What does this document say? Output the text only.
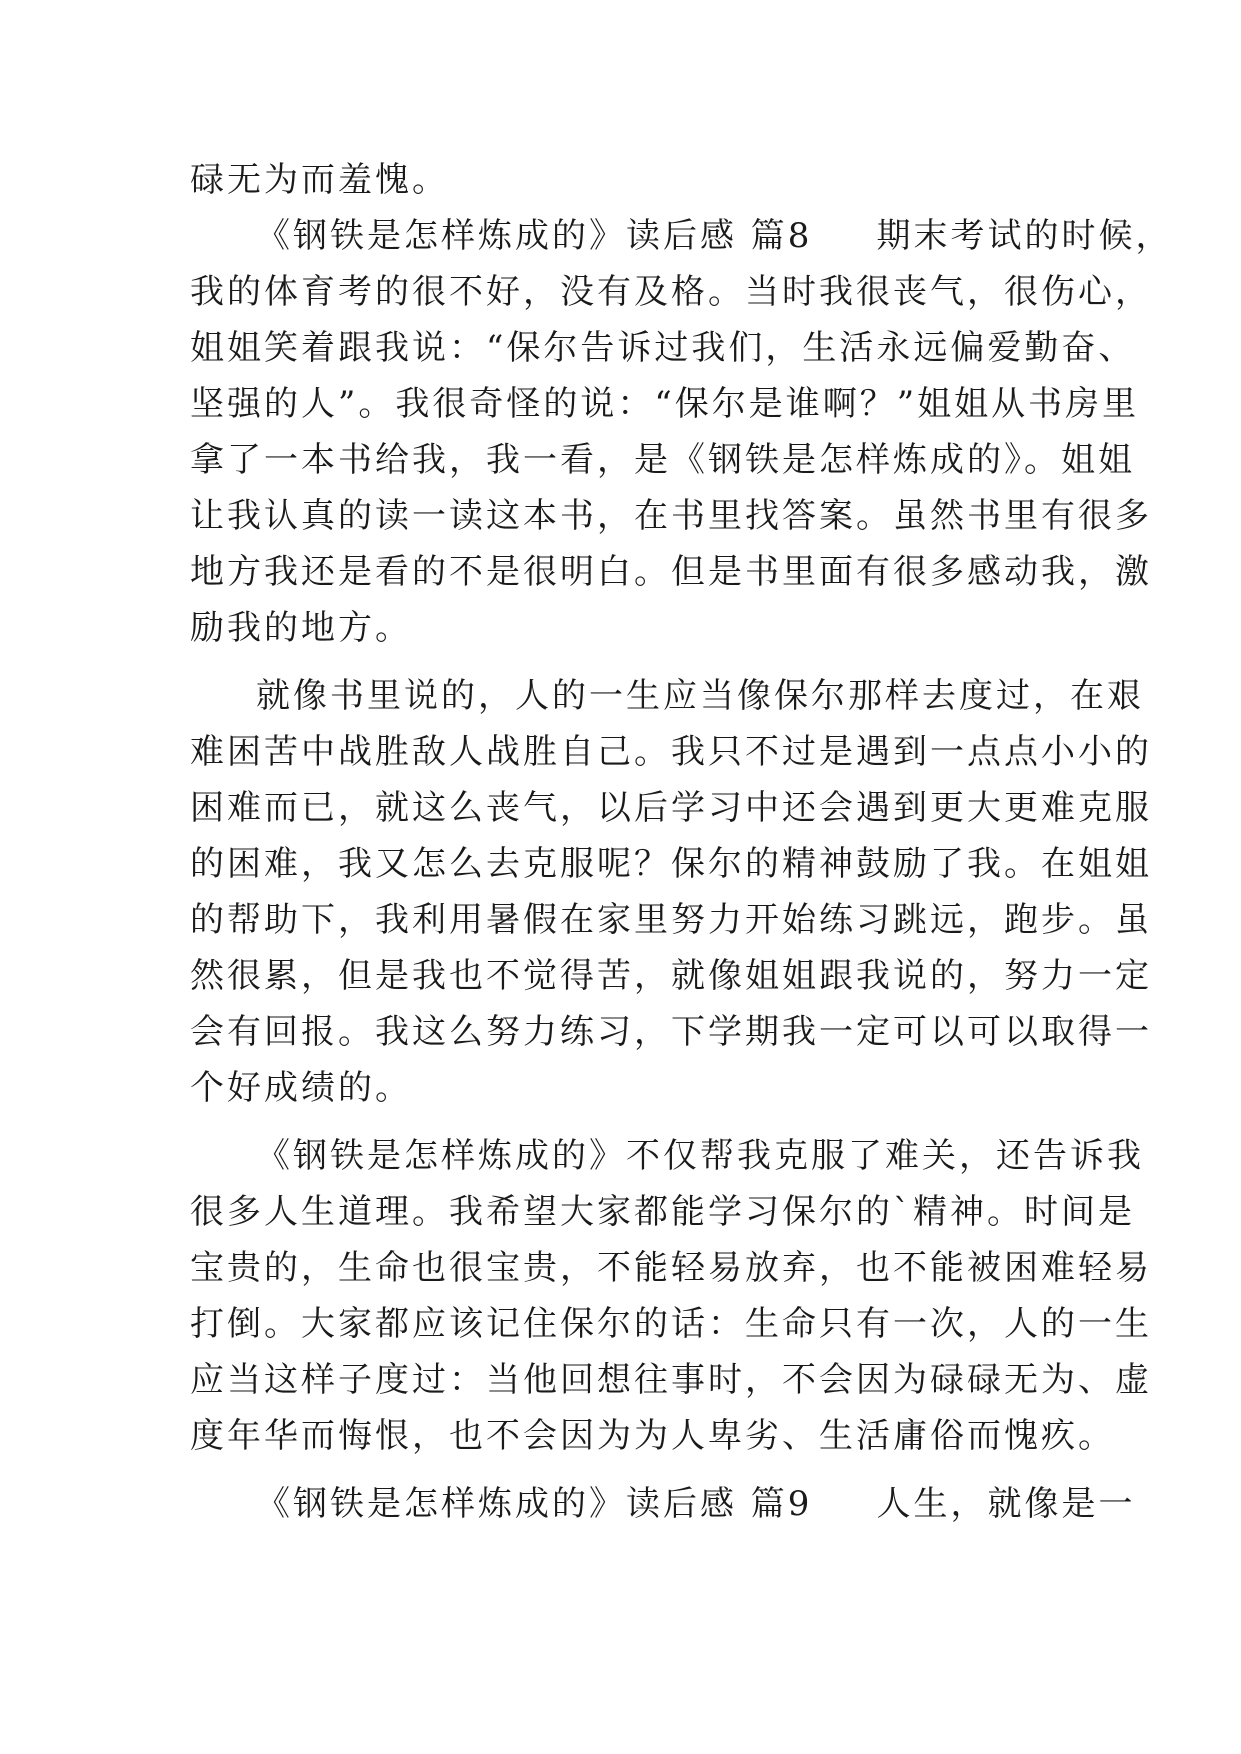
碌无为而羞愧。
《钢铁是怎样炼成的》读后感 篇8 期末考试的时候，
我的体育考的很不好，没有及格。当时我很丧气，很伤心，
姐姐笑着跟我说：“保尔告诉过我们，生活永远偏爱勤奋、
坚强的人”。我很奇怪的说：“保尔是谁啊？”姐姐从书房里
拿了一本书给我，我一看，是《钢铁是怎样炼成的》。姐姐
让我认真的读一读这本书，在书里找答案。虽然书里有很多
地方我还是看的不是很明白。但是书里面有很多感动我，激
励我的地方。
就像书里说的，人的一生应当像保尔那样去度过，在艰
难困苦中战胜敌人战胜自己。我只不过是遇到一点点小小的
困难而已，就这么丧气，以后学习中还会遇到更大更难克服
的困难，我又怎么去克服呢？保尔的精神鼓励了我。在姐姐
的帮助下，我利用暑假在家里努力开始练习跳远，跑步。虽
然很累，但是我也不觉得苦，就像姐姐跟我说的，努力一定
会有回报。我这么努力练习，下学期我一定可以可以取得一
个好成绩的。
《钢铁是怎样炼成的》不仅帮我克服了难关，还告诉我
很多人生道理。我希望大家都能学习保尔的`精神。时间是
宝贵的，生命也很宝贵，不能轻易放弃，也不能被困难轻易
打倒。大家都应该记住保尔的话：生命只有一次，人的一生
应当这样子度过：当他回想往事时，不会因为碌碌无为、虚
度年华而悔恨，也不会因为为人卑劣、生活庸俗而愧疚。
《钢铁是怎样炼成的》读后感 篇9 人生，就像是一
